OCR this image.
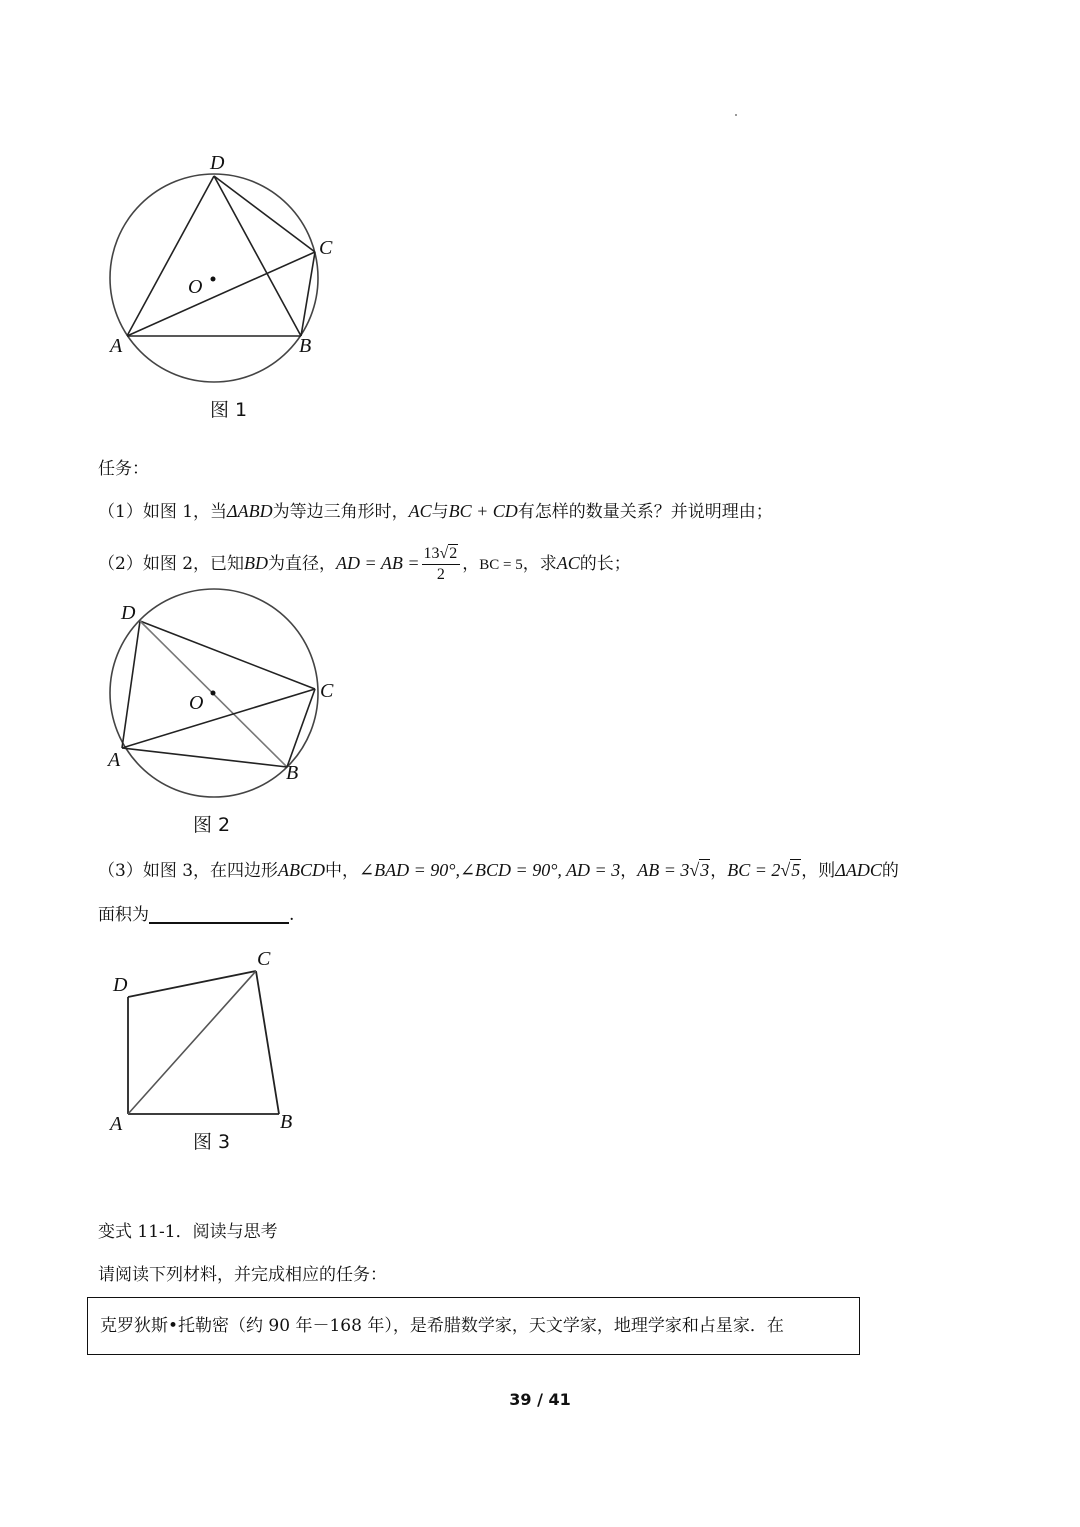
D
C
O
A	B
图 1
任务：
（1）如图 1，当ΔABD为等边三角形时，AC与BC + CD有怎样的数量关系？并说明理由；
（2）如图 2，已知BD为直径，AD = AB = $\frac{13√2}{2}$ ，BC = 5，求AC的长；
D
C
O
A
B
图 2
（3）如图 3，在四边形ABCD中，∠BAD = 90°,∠BCD = 90°, AD = 3，AB = 3√3，BC = 2√5，则ΔADC的
面积为	.
D
C
A	B
图 3
变式 11-1．阅读与思考
请阅读下列材料，并完成相应的任务：
克罗狄斯•托勒密（约 90 年－168 年），是希腊数学家，天文学家，地理学家和占星家．在
39 / 41
